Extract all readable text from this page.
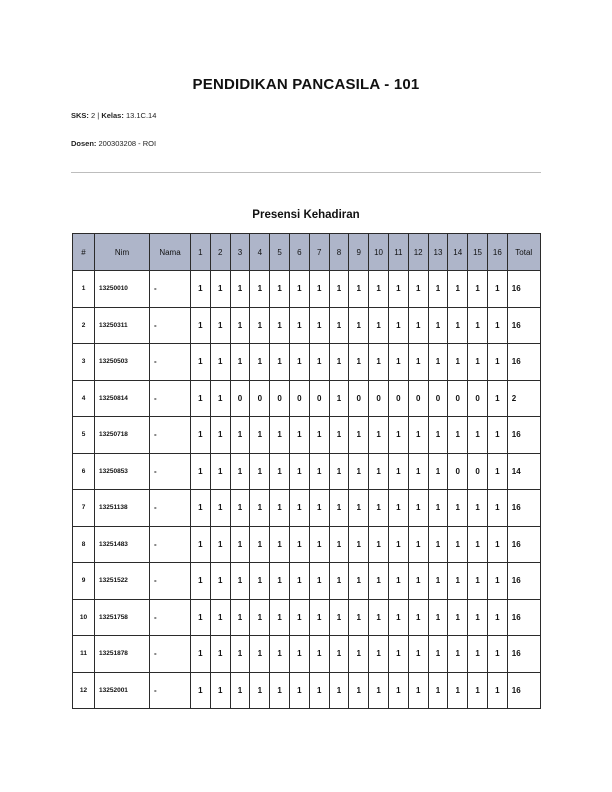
PENDIDIKAN PANCASILA - 101
SKS: 2 | Kelas: 13.1C.14
Dosen: 200303208 - ROI
Presensi Kehadiran
#	Nim	Nama	1	2	3	4	5	6	7	8	9	10	11	12	13	14	15	16	Total
1	13250010	-	1	1	1	1	1	1	1	1	1	1	1	1	1	1	1	1	16
2	13250311	-	1	1	1	1	1	1	1	1	1	1	1	1	1	1	1	1	16
3	13250503	-	1	1	1	1	1	1	1	1	1	1	1	1	1	1	1	1	16
4	13250814	-	1	1	0	0	0	0	0	1	0	0	0	0	0	0	0	1	2
5	13250718	-	1	1	1	1	1	1	1	1	1	1	1	1	1	1	1	1	16
6	13250853	-	1	1	1	1	1	1	1	1	1	1	1	1	1	0	0	1	14
7	13251138	-	1	1	1	1	1	1	1	1	1	1	1	1	1	1	1	1	16
8	13251483	-	1	1	1	1	1	1	1	1	1	1	1	1	1	1	1	1	16
9	13251522	-	1	1	1	1	1	1	1	1	1	1	1	1	1	1	1	1	16
10	13251758	-	1	1	1	1	1	1	1	1	1	1	1	1	1	1	1	1	16
11	13251878	-	1	1	1	1	1	1	1	1	1	1	1	1	1	1	1	1	16
12	13252001	-	1	1	1	1	1	1	1	1	1	1	1	1	1	1	1	1	16
